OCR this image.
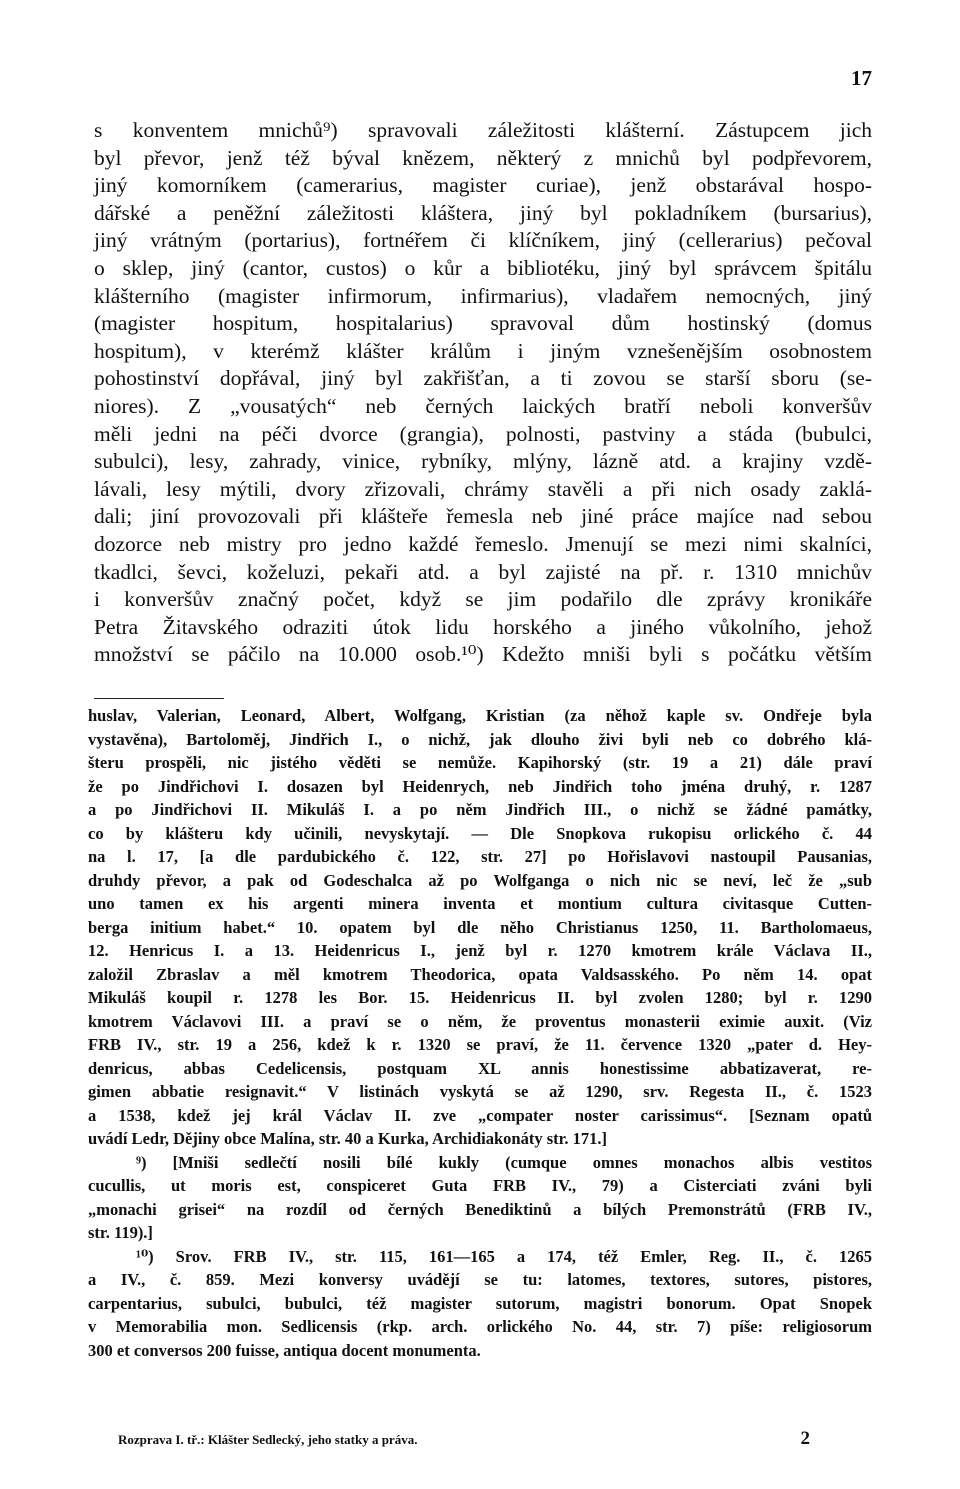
17
s konventem mnichů⁹) spravovali záležitosti klášterní. Zástupcem jich
byl převor, jenž též býval knězem, některý z mnichů byl podpřevorem,
jiný komorníkem (camerarius, magister curiae), jenž obstarával hospo-
dářské a peněžní záležitosti kláštera, jiný byl pokladníkem (bursarius),
jiný vrátným (portarius), fortnéřem či klíčníkem, jiný (cellerarius) pečoval
o sklep, jiný (cantor, custos) o kůr a bibliotéku, jiný byl správcem špitálu
klášterního (magister infirmorum, infirmarius), vladařem nemocných, jiný
(magister hospitum, hospitalarius) spravoval dům hostinský (domus
hospitum), v kterémž klášter králům i jiným vznešenějším osobnostem
pohostinství dopřával, jiný byl zakřišťan, a ti zovou se starší sboru (se-
niores). Z „vousatých“ neb černých laických bratří neboli konveršův
měli jedni na péči dvorce (grangia), polnosti, pastviny a stáda (bubulci,
subulci), lesy, zahrady, vinice, rybníky, mlýny, lázně atd. a krajiny vzdě-
lávali, lesy mýtili, dvory zřizovali, chrámy stavěli a při nich osady zaklá-
dali; jiní provozovali při klášteře řemesla neb jiné práce majíce nad sebou
dozorce neb mistry pro jedno každé řemeslo. Jmenují se mezi nimi skalníci,
tkadlci, ševci, koželuzi, pekaři atd. a byl zajisté na př. r. 1310 mnichův
i konveršův značný počet, když se jim podařilo dle zprávy kronikáře
Petra Žitavského odraziti útok lidu horského a jiného vůkolního, jehož
množství se páčilo na 10.000 osob.¹⁰) Kdežto mniši byli s počátku větším
huslav, Valerian, Leonard, Albert, Wolfgang, Kristian (za něhož kaple sv. Ondřeje byla
vystavěna), Bartoloměj, Jindřich I., o nichž, jak dlouho živi byli neb co dobrého klá-
šteru prospěli, nic jistého věděti se nemůže. Kapihorský (str. 19 a 21) dále praví
že po Jindřichovi I. dosazen byl Heidenrych, neb Jindřich toho jména druhý, r. 1287
a po Jindřichovi II. Mikuláš I. a po něm Jindřich III., o nichž se žádné památky,
co by klášteru kdy učinili, nevyskytají. — Dle Snopkova rukopisu orlického č. 44
na l. 17, [a dle pardubického č. 122, str. 27] po Hořislavovi nastoupil Pausanias,
druhdy převor, a pak od Godeschalca až po Wolfganga o nich nic se neví, leč že „sub
uno tamen ex his argenti minera inventa et montium cultura civitasque Cutten-
berga initium habet.“ 10. opatem byl dle něho Christianus 1250, 11. Bartholomaeus,
12. Henricus I. a 13. Heidenricus I., jenž byl r. 1270 kmotrem krále Václava II.,
založil Zbraslav a měl kmotrem Theodorica, opata Valdsasského. Po něm 14. opat
Mikuláš koupil r. 1278 les Bor. 15. Heidenricus II. byl zvolen 1280; byl r. 1290
kmotrem Václavovi III. a praví se o něm, že proventus monasterii eximie auxit. (Viz
FRB IV., str. 19 a 256, kdež k r. 1320 se praví, že 11. července 1320 „pater d. Hey-
denricus, abbas Cedelicensis, postquam XL annis honestissime abbatizaverat, re-
gimen abbatie resignavit.“ V listinách vyskytá se až 1290, srv. Regesta II., č. 1523
a 1538, kdež jej král Václav II. zve „compater noster carissimus“. [Seznam opatů
uvádí Ledr, Dějiny obce Malína, str. 40 a Kurka, Archidiakonáty str. 171.]
⁹) [Mniši sedlečtí nosili bílé kukly (cumque omnes monachos albis vestitos
cucullis, ut moris est, conspiceret Guta FRB IV., 79) a Cisterciati zváni byli
„monachi grisei“ na rozdíl od černých Benediktinů a bílých Premonstrátů (FRB IV.,
str. 119).]
¹⁰) Srov. FRB IV., str. 115, 161—165 a 174, též Emler, Reg. II., č. 1265
a IV., č. 859. Mezi konversy uvádějí se tu: latomes, textores, sutores, pistores,
carpentarius, subulci, bubulci, též magister sutorum, magistri bonorum. Opat Snopek
v Memorabilia mon. Sedlicensis (rkp. arch. orlického No. 44, str. 7) píše: religiosorum
300 et conversos 200 fuisse, antiqua docent monumenta.
Rozprava I. tř.: Klášter Sedlecký, jeho statky a práva.	2
